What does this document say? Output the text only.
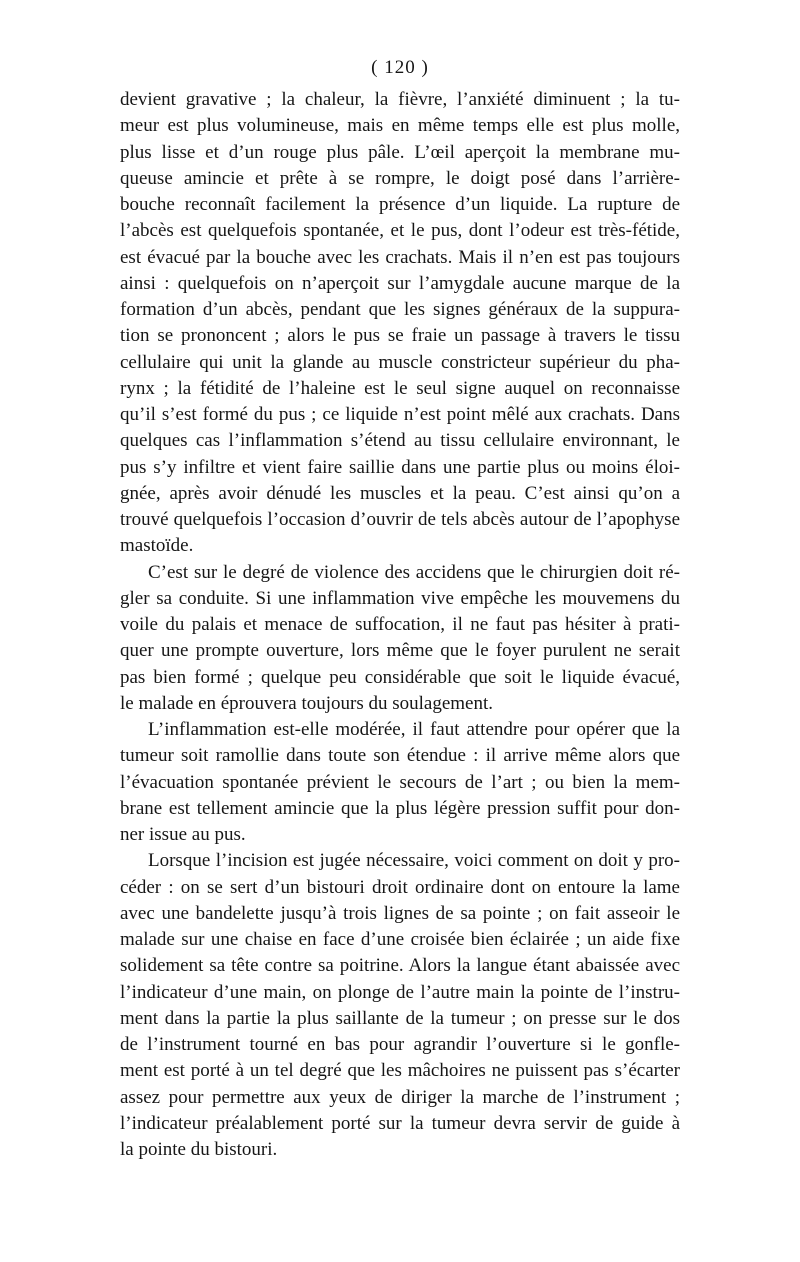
( 120 )
devient gravative ; la chaleur, la fièvre, l’anxiété diminuent ; la tu-
meur est plus volumineuse, mais en même temps elle est plus molle,
plus lisse et d’un rouge plus pâle. L’œil aperçoit la membrane mu-
queuse amincie et prête à se rompre, le doigt posé dans l’arrière-
bouche reconnaît facilement la présence d’un liquide. La rupture de
l’abcès est quelquefois spontanée, et le pus, dont l’odeur est très-fétide,
est évacué par la bouche avec les crachats. Mais il n’en est pas toujours
ainsi : quelquefois on n’aperçoit sur l’amygdale aucune marque de la
formation d’un abcès, pendant que les signes généraux de la suppura-
tion se prononcent ; alors le pus se fraie un passage à travers le tissu
cellulaire qui unit la glande au muscle constricteur supérieur du pha-
rynx ; la fétidité de l’haleine est le seul signe auquel on reconnaisse
qu’il s’est formé du pus ; ce liquide n’est point mêlé aux crachats. Dans
quelques cas l’inflammation s’étend au tissu cellulaire environnant, le
pus s’y infiltre et vient faire saillie dans une partie plus ou moins éloi-
gnée, après avoir dénudé les muscles et la peau. C’est ainsi qu’on a
trouvé quelquefois l’occasion d’ouvrir de tels abcès autour de l’apophyse
mastoïde.
C’est sur le degré de violence des accidens que le chirurgien doit ré-
gler sa conduite. Si une inflammation vive empêche les mouvemens du
voile du palais et menace de suffocation, il ne faut pas hésiter à prati-
quer une prompte ouverture, lors même que le foyer purulent ne serait
pas bien formé ; quelque peu considérable que soit le liquide évacué,
le malade en éprouvera toujours du soulagement.
L’inflammation est-elle modérée, il faut attendre pour opérer que la
tumeur soit ramollie dans toute son étendue : il arrive même alors que
l’évacuation spontanée prévient le secours de l’art ; ou bien la mem-
brane est tellement amincie que la plus légère pression suffit pour don-
ner issue au pus.
Lorsque l’incision est jugée nécessaire, voici comment on doit y pro-
céder : on se sert d’un bistouri droit ordinaire dont on entoure la lame
avec une bandelette jusqu’à trois lignes de sa pointe ; on fait asseoir le
malade sur une chaise en face d’une croisée bien éclairée ; un aide fixe
solidement sa tête contre sa poitrine. Alors la langue étant abaissée avec
l’indicateur d’une main, on plonge de l’autre main la pointe de l’instru-
ment dans la partie la plus saillante de la tumeur ; on presse sur le dos
de l’instrument tourné en bas pour agrandir l’ouverture si le gonfle-
ment est porté à un tel degré que les mâchoires ne puissent pas s’écarter
assez pour permettre aux yeux de diriger la marche de l’instrument ;
l’indicateur préalablement porté sur la tumeur devra servir de guide à
la pointe du bistouri.
